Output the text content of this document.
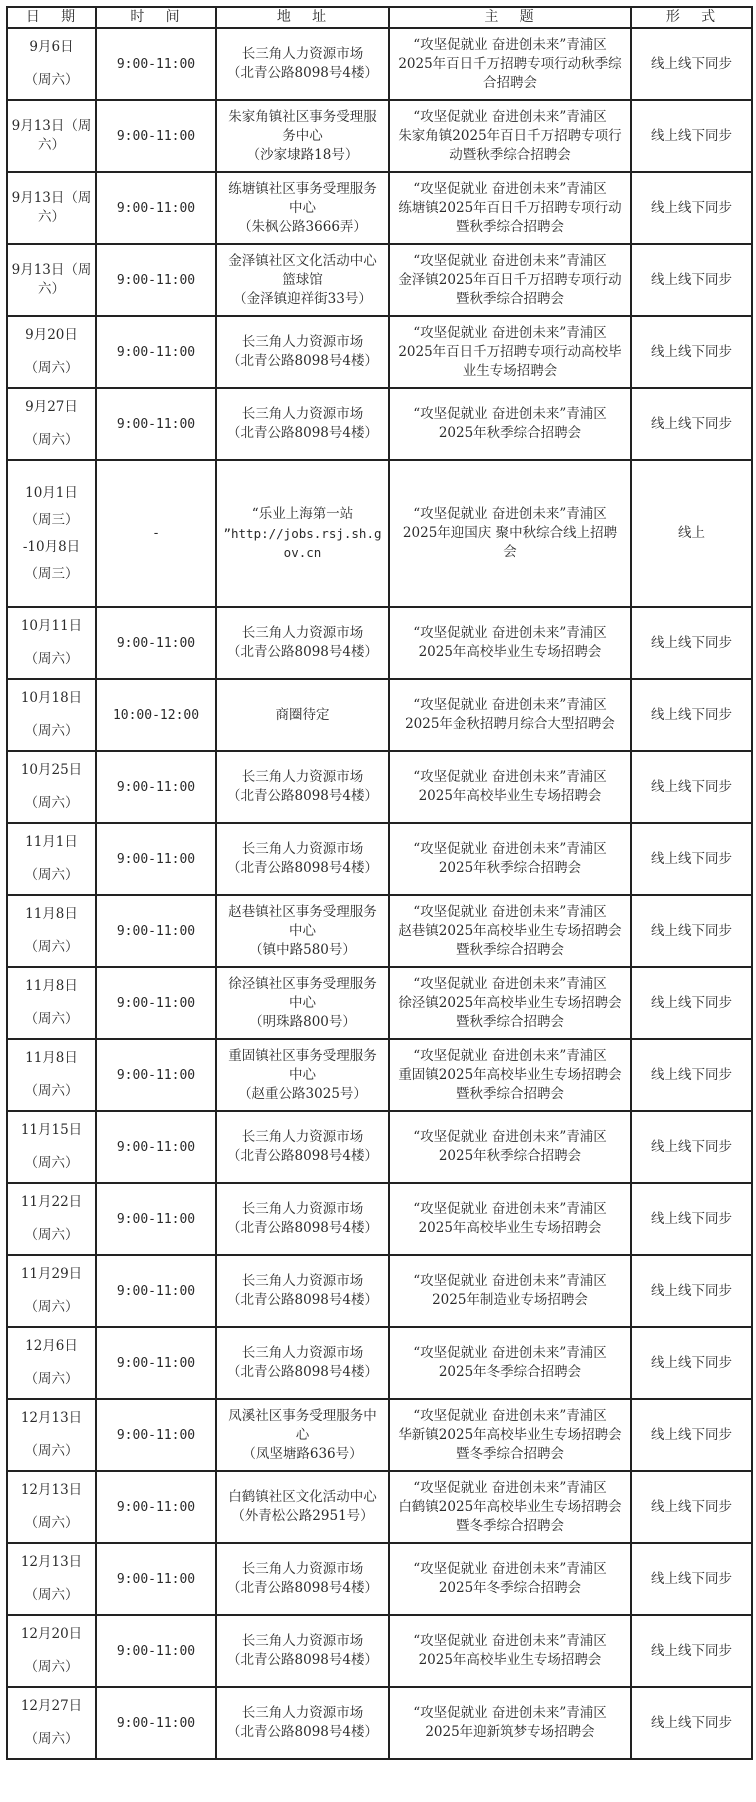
日 期	时 间	地 址	主 题	形 式

9月6日
（周六）	9:00-11:00	长三角人力资源市场
（北青公路8098号4楼）	“攻坚促就业 奋进创未来”青浦区
2025年百日千万招聘专项行动秋季综
合招聘会	线上线下同步

9月13日（周
六）	9:00-11:00	朱家角镇社区事务受理服
务中心
（沙家埭路18号）	“攻坚促就业 奋进创未来”青浦区
朱家角镇2025年百日千万招聘专项行
动暨秋季综合招聘会	线上线下同步

9月13日（周
六）	9:00-11:00	练塘镇社区事务受理服务
中心
（朱枫公路3666弄）	“攻坚促就业 奋进创未来”青浦区
练塘镇2025年百日千万招聘专项行动
暨秋季综合招聘会	线上线下同步

9月13日（周
六）	9:00-11:00	金泽镇社区文化活动中心
篮球馆
（金泽镇迎祥街33号）	“攻坚促就业 奋进创未来”青浦区
金泽镇2025年百日千万招聘专项行动
暨秋季综合招聘会	线上线下同步

9月20日
（周六）	9:00-11:00	长三角人力资源市场
（北青公路8098号4楼）	“攻坚促就业 奋进创未来”青浦区
2025年百日千万招聘专项行动高校毕
业生专场招聘会	线上线下同步

9月27日
（周六）	9:00-11:00	长三角人力资源市场
（北青公路8098号4楼）	“攻坚促就业 奋进创未来”青浦区
2025年秋季综合招聘会	线上线下同步

10月1日
（周三）
-10月8日
（周三）	-	“乐业上海第一站
”http://jobs.rsj.sh.g
ov.cn	“攻坚促就业 奋进创未来”青浦区
2025年迎国庆 聚中秋综合线上招聘
会	线上

10月11日
（周六）	9:00-11:00	长三角人力资源市场
（北青公路8098号4楼）	“攻坚促就业 奋进创未来”青浦区
2025年高校毕业生专场招聘会	线上线下同步

10月18日
（周六）	10:00-12:00	商圈待定	“攻坚促就业 奋进创未来”青浦区
2025年金秋招聘月综合大型招聘会	线上线下同步

10月25日
（周六）	9:00-11:00	长三角人力资源市场
（北青公路8098号4楼）	“攻坚促就业 奋进创未来”青浦区
2025年高校毕业生专场招聘会	线上线下同步

11月1日
（周六）	9:00-11:00	长三角人力资源市场
（北青公路8098号4楼）	“攻坚促就业 奋进创未来”青浦区
2025年秋季综合招聘会	线上线下同步

11月8日
（周六）	9:00-11:00	赵巷镇社区事务受理服务
中心
（镇中路580号）	“攻坚促就业 奋进创未来”青浦区
赵巷镇2025年高校毕业生专场招聘会
暨秋季综合招聘会	线上线下同步

11月8日
（周六）	9:00-11:00	徐泾镇社区事务受理服务
中心
（明珠路800号）	“攻坚促就业 奋进创未来”青浦区
徐泾镇2025年高校毕业生专场招聘会
暨秋季综合招聘会	线上线下同步

11月8日
（周六）	9:00-11:00	重固镇社区事务受理服务
中心
（赵重公路3025号）	“攻坚促就业 奋进创未来”青浦区
重固镇2025年高校毕业生专场招聘会
暨秋季综合招聘会	线上线下同步

11月15日
（周六）	9:00-11:00	长三角人力资源市场
（北青公路8098号4楼）	“攻坚促就业 奋进创未来”青浦区
2025年秋季综合招聘会	线上线下同步

11月22日
（周六）	9:00-11:00	长三角人力资源市场
（北青公路8098号4楼）	“攻坚促就业 奋进创未来”青浦区
2025年高校毕业生专场招聘会	线上线下同步

11月29日
（周六）	9:00-11:00	长三角人力资源市场
（北青公路8098号4楼）	“攻坚促就业 奋进创未来”青浦区
2025年制造业专场招聘会	线上线下同步

12月6日
（周六）	9:00-11:00	长三角人力资源市场
（北青公路8098号4楼）	“攻坚促就业 奋进创未来”青浦区
2025年冬季综合招聘会	线上线下同步

12月13日
（周六）	9:00-11:00	凤溪社区事务受理服务中
心
（凤坚塘路636号）	“攻坚促就业 奋进创未来”青浦区
华新镇2025年高校毕业生专场招聘会
暨冬季综合招聘会	线上线下同步

12月13日
（周六）	9:00-11:00	白鹤镇社区文化活动中心
（外青松公路2951号）	“攻坚促就业 奋进创未来”青浦区
白鹤镇2025年高校毕业生专场招聘会
暨冬季综合招聘会	线上线下同步

12月13日
（周六）	9:00-11:00	长三角人力资源市场
（北青公路8098号4楼）	“攻坚促就业 奋进创未来”青浦区
2025年冬季综合招聘会	线上线下同步

12月20日
（周六）	9:00-11:00	长三角人力资源市场
（北青公路8098号4楼）	“攻坚促就业 奋进创未来”青浦区
2025年高校毕业生专场招聘会	线上线下同步

12月27日
（周六）	9:00-11:00	长三角人力资源市场
（北青公路8098号4楼）	“攻坚促就业 奋进创未来”青浦区
2025年迎新筑梦专场招聘会	线上线下同步
